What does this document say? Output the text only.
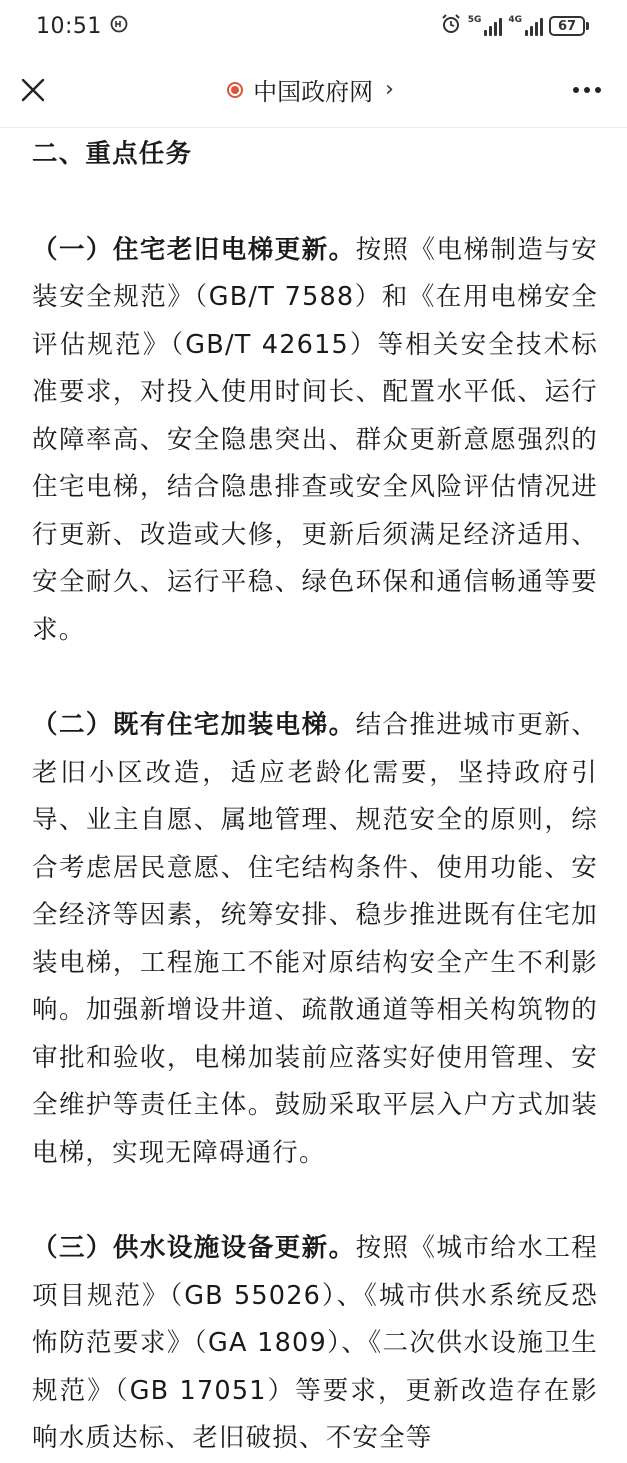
10:51	5G	4G	67
中国政府网 ›
二、重点任务

（一）住宅老旧电梯更新。按照《电梯制造与安装安全规范》（GB/T 7588）和《在用电梯安全评估规范》（GB/T 42615）等相关安全技术标准要求，对投入使用时间长、配置水平低、运行故障率高、安全隐患突出、群众更新意愿强烈的住宅电梯，结合隐患排查或安全风险评估情况进行更新、改造或大修，更新后须满足经济适用、安全耐久、运行平稳、绿色环保和通信畅通等要求。

（二）既有住宅加装电梯。结合推进城市更新、老旧小区改造，适应老龄化需要，坚持政府引导、业主自愿、属地管理、规范安全的原则，综合考虑居民意愿、住宅结构条件、使用功能、安全经济等因素，统筹安排、稳步推进既有住宅加装电梯，工程施工不能对原结构安全产生不利影响。加强新增设井道、疏散通道等相关构筑物的审批和验收，电梯加装前应落实好使用管理、安全维护等责任主体。鼓励采取平层入户方式加装电梯，实现无障碍通行。

（三）供水设施设备更新。按照《城市给水工程项目规范》（GB 55026）、《城市供水系统反恐怖防范要求》（GA 1809）、《二次供水设施卫生规范》（GB 17051）等要求，更新改造存在影响水质达标、老旧破损、不安全等
